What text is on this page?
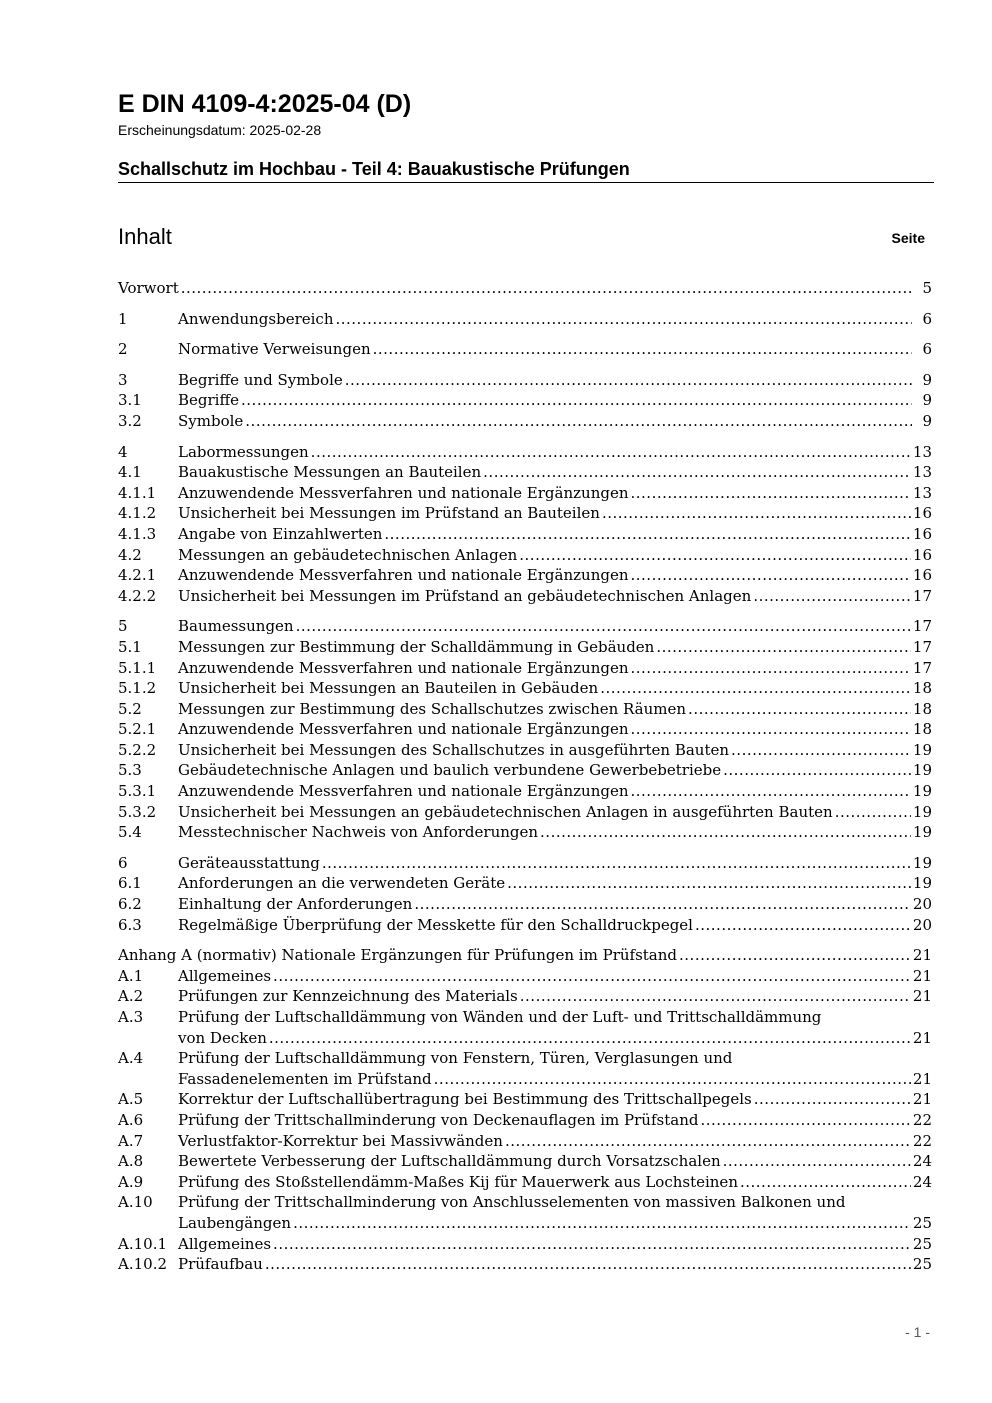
E DIN 4109-4:2025-04 (D)
Erscheinungsdatum: 2025-02-28
Schallschutz im Hochbau - Teil 4: Bauakustische Prüfungen
Inhalt	Seite
Vorwort .....	5
1	Anwendungsbereich .....	6
2	Normative Verweisungen .....	6
3	Begriffe und Symbole .....	9
3.1	Begriffe .....	9
3.2	Symbole .....	9
4	Labormessungen .....	13
4.1	Bauakustische Messungen an Bauteilen .....	13
4.1.1	Anzuwendende Messverfahren und nationale Ergänzungen .....	13
4.1.2	Unsicherheit bei Messungen im Prüfstand an Bauteilen .....	16
4.1.3	Angabe von Einzahlwerten .....	16
4.2	Messungen an gebäudetechnischen Anlagen .....	16
4.2.1	Anzuwendende Messverfahren und nationale Ergänzungen .....	16
4.2.2	Unsicherheit bei Messungen im Prüfstand an gebäudetechnischen Anlagen .....	17
5	Baumessungen .....	17
5.1	Messungen zur Bestimmung der Schalldämmung in Gebäuden .....	17
5.1.1	Anzuwendende Messverfahren und nationale Ergänzungen .....	17
5.1.2	Unsicherheit bei Messungen an Bauteilen in Gebäuden .....	18
5.2	Messungen zur Bestimmung des Schallschutzes zwischen Räumen .....	18
5.2.1	Anzuwendende Messverfahren und nationale Ergänzungen .....	18
5.2.2	Unsicherheit bei Messungen des Schallschutzes in ausgeführten Bauten .....	19
5.3	Gebäudetechnische Anlagen und baulich verbundene Gewerbebetriebe .....	19
5.3.1	Anzuwendende Messverfahren und nationale Ergänzungen .....	19
5.3.2	Unsicherheit bei Messungen an gebäudetechnischen Anlagen in ausgeführten Bauten .....	19
5.4	Messtechnischer Nachweis von Anforderungen .....	19
6	Geräteausstattung .....	19
6.1	Anforderungen an die verwendeten Geräte .....	19
6.2	Einhaltung der Anforderungen .....	20
6.3	Regelmäßige Überprüfung der Messkette für den Schalldruckpegel .....	20
Anhang A (normativ) Nationale Ergänzungen für Prüfungen im Prüfstand .....	21
A.1	Allgemeines .....	21
A.2	Prüfungen zur Kennzeichnung des Materials .....	21
A.3	Prüfung der Luftschalldämmung von Wänden und der Luft- und Trittschalldämmung
von Decken .....	21
A.4	Prüfung der Luftschalldämmung von Fenstern, Türen, Verglasungen und
Fassadenelementen im Prüfstand .....	21
A.5	Korrektur der Luftschallübertragung bei Bestimmung des Trittschallpegels .....	21
A.6	Prüfung der Trittschallminderung von Deckenauflagen im Prüfstand .....	22
A.7	Verlustfaktor-Korrektur bei Massivwänden .....	22
A.8	Bewertete Verbesserung der Luftschalldämmung durch Vorsatzschalen .....	24
A.9	Prüfung des Stoßstellendämm-Maßes Kij für Mauerwerk aus Lochsteinen .....	24
A.10	Prüfung der Trittschallminderung von Anschlusselementen von massiven Balkonen und
Laubengängen .....	25
A.10.1 Allgemeines .....	25
A.10.2 Prüfaufbau .....	25
- 1 -
